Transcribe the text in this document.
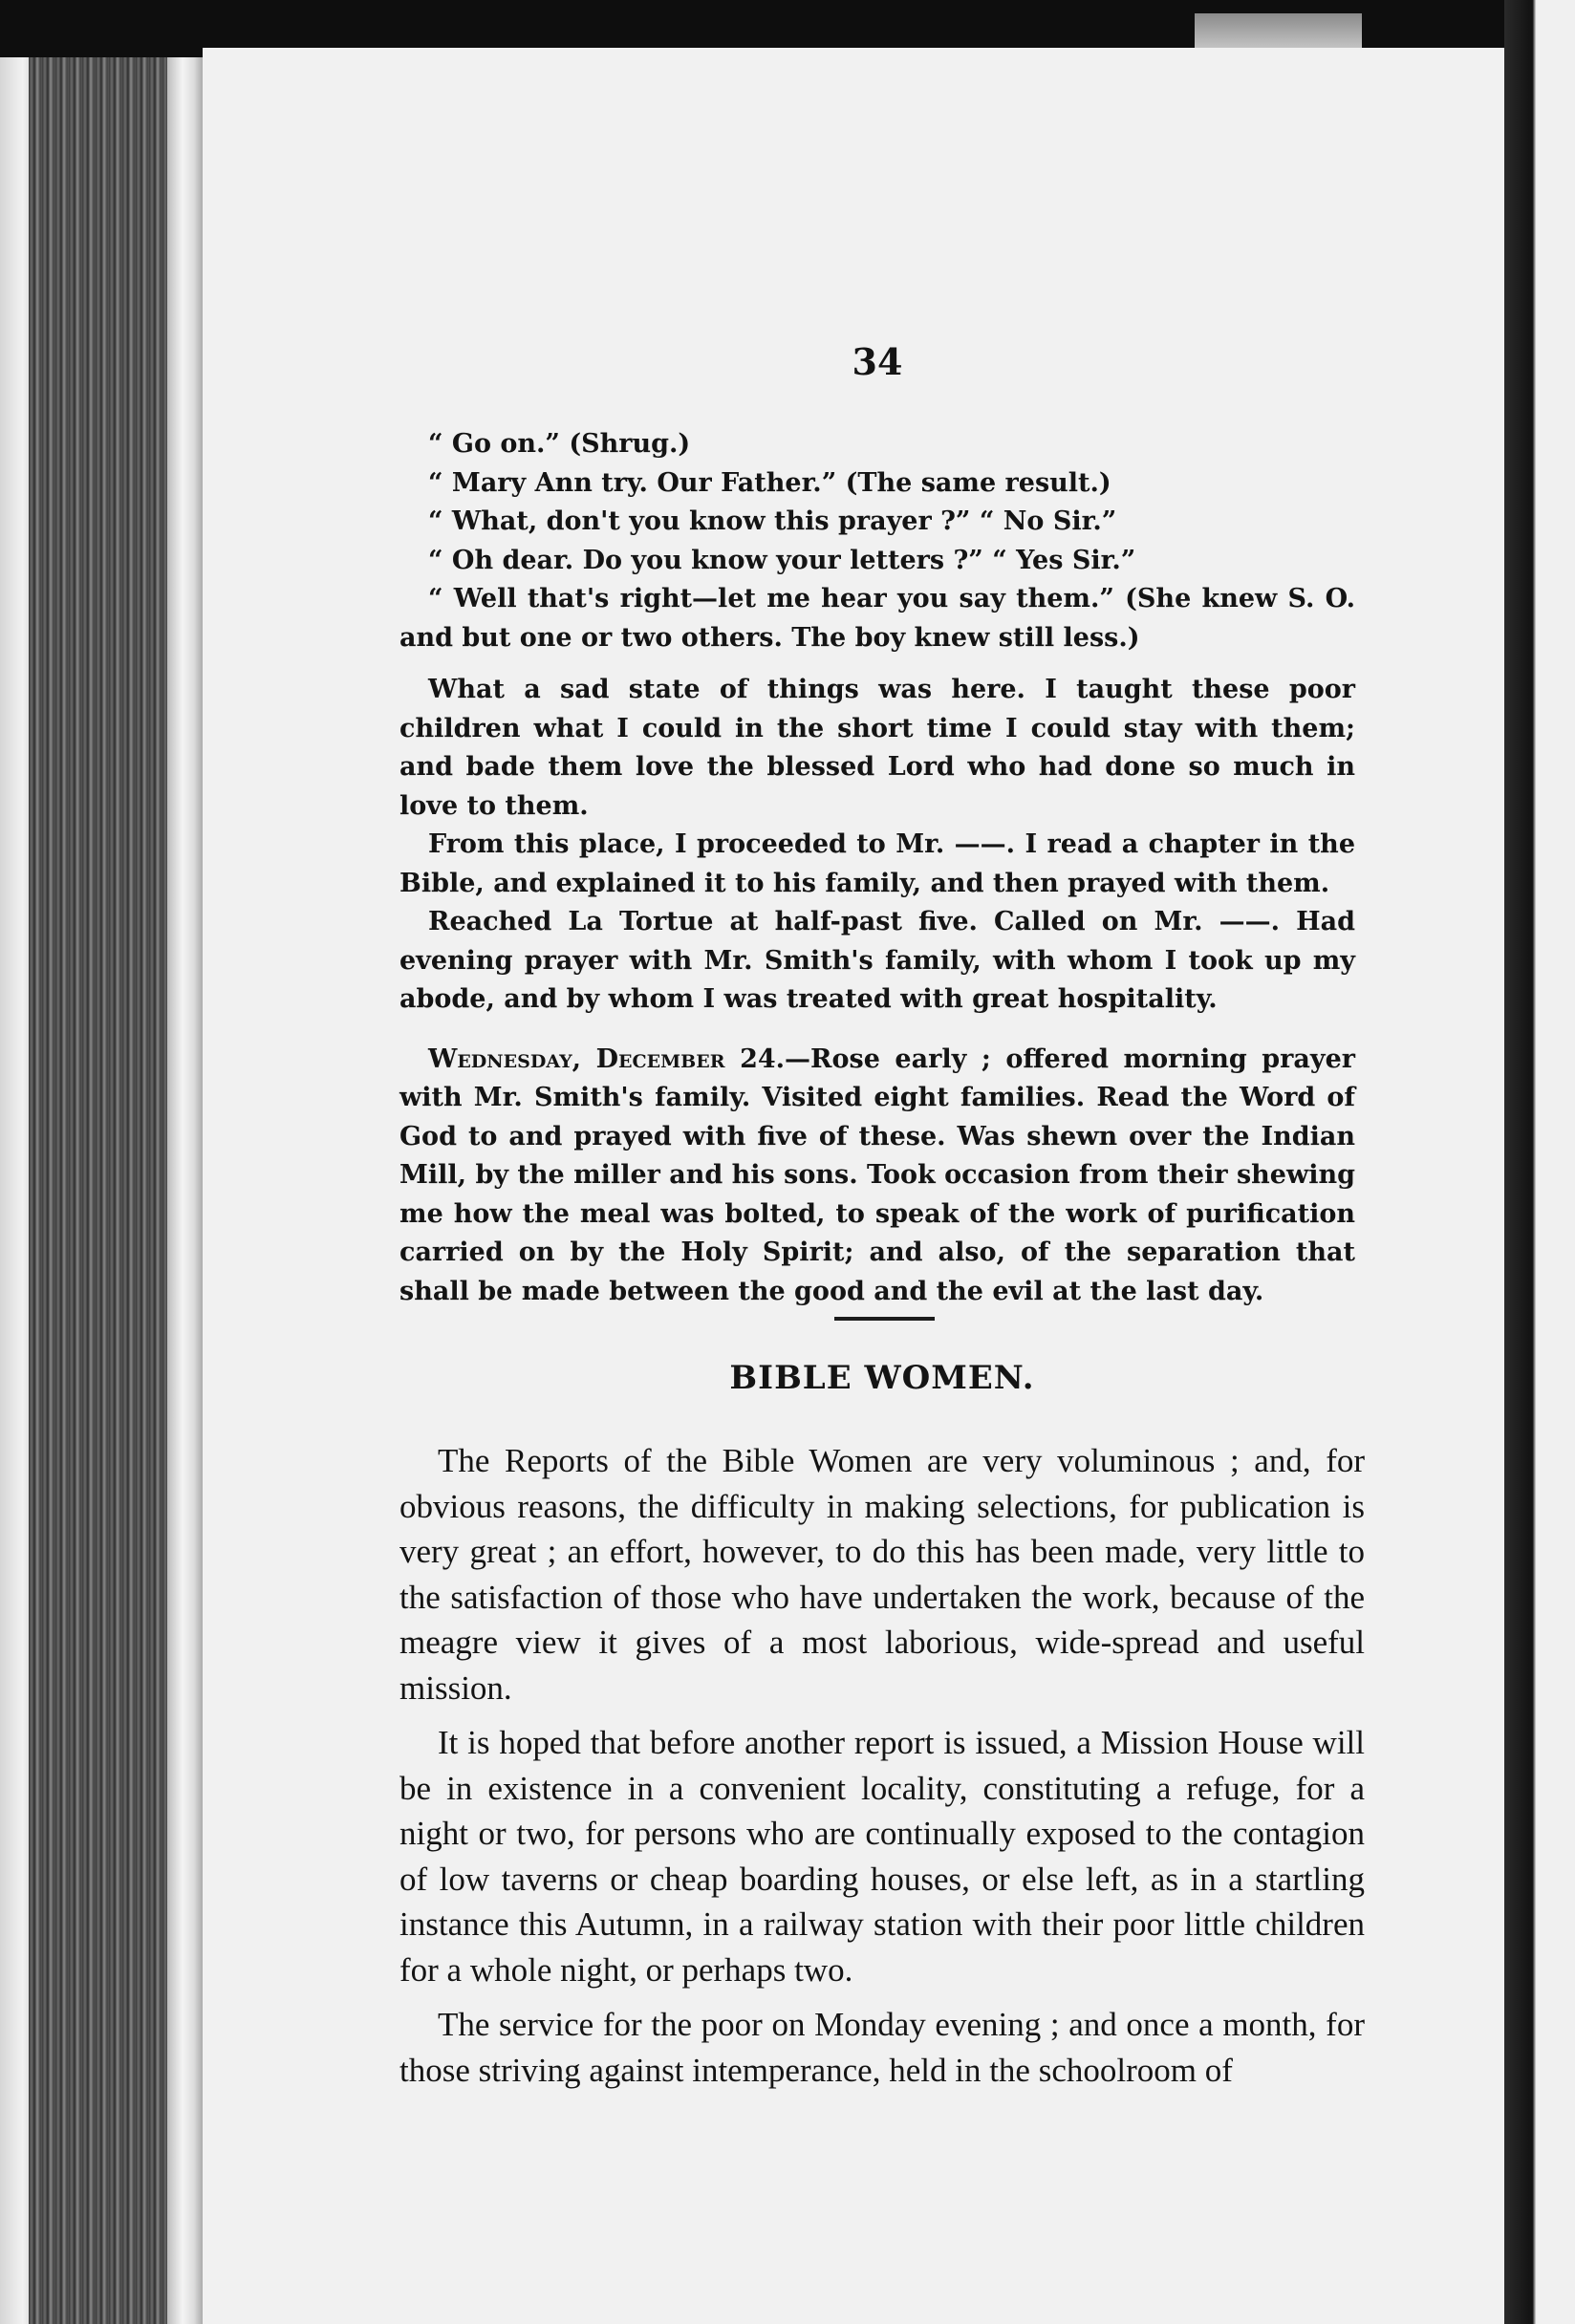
34

“ Go on.” (Shrug.)

“ Mary Ann try. Our Father.” (The same result.)

“ What, don't you know this prayer ?” “ No Sir.”

“ Oh dear. Do you know your letters ?” “ Yes Sir.”

“ Well that's right—let me hear you say them.” (She knew S. O. and but one or two others. The boy knew still less.)

What a sad state of things was here. I taught these poor children what I could in the short time I could stay with them; and bade them love the blessed Lord who had done so much in love to them.

From this place, I proceeded to Mr. ——. I read a chapter in the Bible, and explained it to his family, and then prayed with them.

Reached La Tortue at half-past five. Called on Mr. ——. Had evening prayer with Mr. Smith's family, with whom I took up my abode, and by whom I was treated with great hospitality.

Wednesday, December 24.—Rose early ; offered morning prayer with Mr. Smith's family. Visited eight families. Read the Word of God to and prayed with five of these. Was shewn over the Indian Mill, by the miller and his sons. Took occasion from their shewing me how the meal was bolted, to speak of the work of purification carried on by the Holy Spirit; and also, of the separation that shall be made between the good and the evil at the last day.

BIBLE WOMEN.

The Reports of the Bible Women are very voluminous ; and, for obvious reasons, the difficulty in making selections, for publication is very great ; an effort, however, to do this has been made, very little to the satisfaction of those who have undertaken the work, because of the meagre view it gives of a most laborious, wide-spread and useful mission.

It is hoped that before another report is issued, a Mission House will be in existence in a convenient locality, constituting a refuge, for a night or two, for persons who are continually exposed to the contagion of low taverns or cheap boarding houses, or else left, as in a startling instance this Autumn, in a railway station with their poor little children for a whole night, or perhaps two.

The service for the poor on Monday evening ; and once a month, for those striving against intemperance, held in the schoolroom of
